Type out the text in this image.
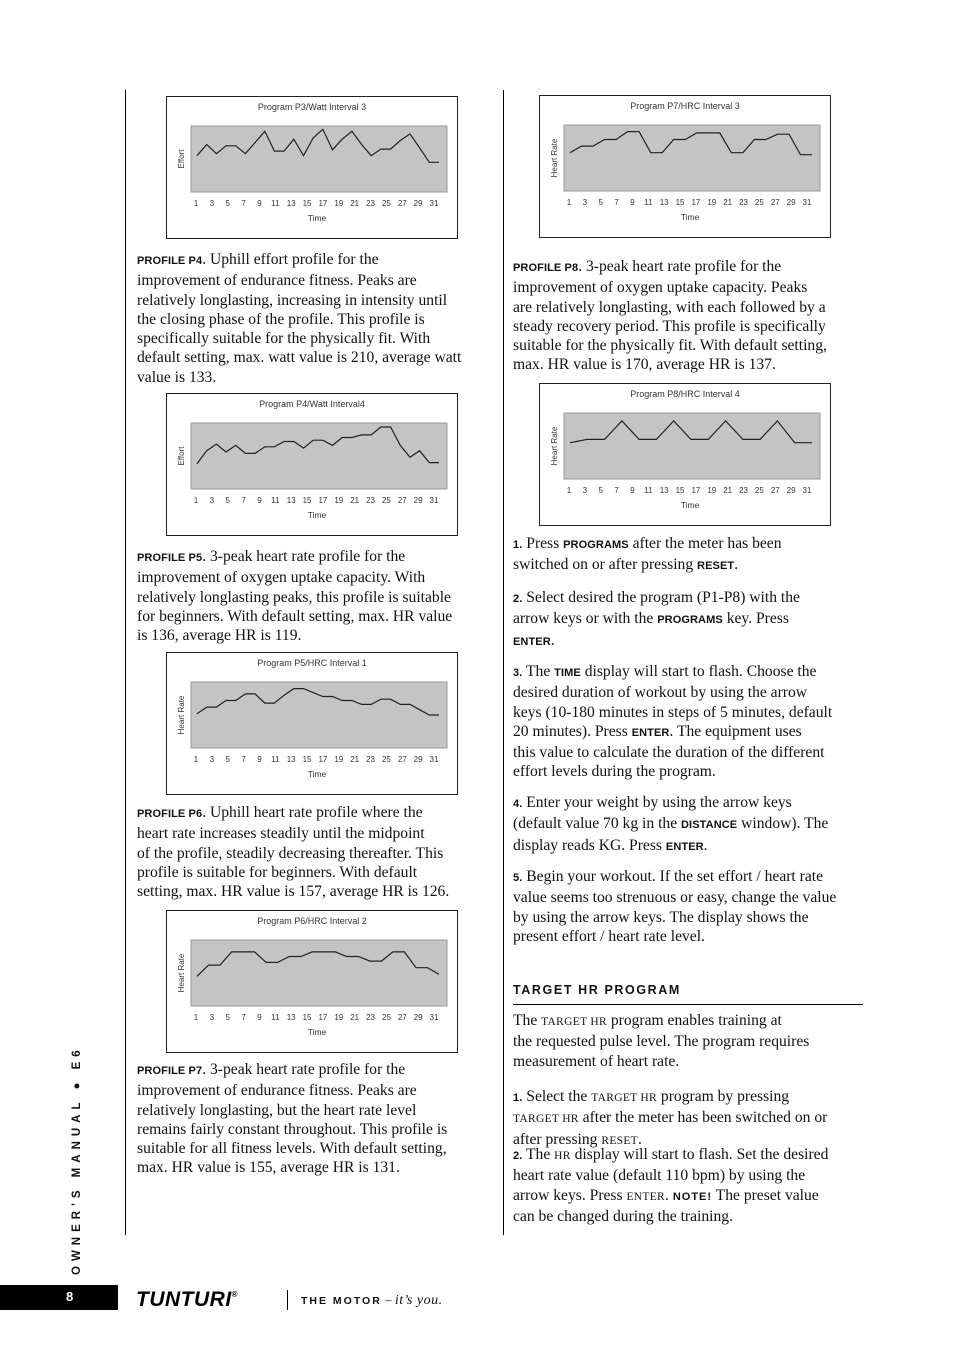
Program P3/Watt Interval 3
Effort
1 3 5 7 9 11 13 15 17 19 21 23 25 27 29 31
Time
Program P4/Watt Interval4
Effort
1 3 5 7 9 11 13 15 17 19 21 23 25 27 29 31
Time
Program P5/HRC Interval 1
Heart Rate
1 3 5 7 9 11 13 15 17 19 21 23 25 27 29 31
Time
Program P6/HRC Interval 2
Heart Rate
1 3 5 7 9 11 13 15 17 19 21 23 25 27 29 31
Time
Program P7/HRC Interval 3
Heart Rate
1 3 5 7 9 11 13 15 17 19 21 23 25 27 29 31
Time
Program P8/HRC Interval 4
Heart Rate
1 3 5 7 9 11 13 15 17 19 21 23 25 27 29 31
Time
PROFILE P4. Uphill effort profile for the
improvement of endurance fitness. Peaks are
relatively longlasting, increasing in intensity until
the closing phase of the profile. This profile is
specifically suitable for the physically fit. With
default setting, max. watt value is 210, average watt
value is 133.
PROFILE P5. 3-peak heart rate profile for the
improvement of oxygen uptake capacity. With
relatively longlasting peaks, this profile is suitable
for beginners. With default setting, max. HR value
is 136, average HR is 119.
PROFILE P6. Uphill heart rate profile where the
heart rate increases steadily until the midpoint
of the profile, steadily decreasing thereafter. This
profile is suitable for beginners. With default
setting, max. HR value is 157, average HR is 126.
PROFILE P7. 3-peak heart rate profile for the
improvement of endurance fitness. Peaks are
relatively longlasting, but the heart rate level
remains fairly constant throughout. This profile is
suitable for all fitness levels. With default setting,
max. HR value is 155, average HR is 131.
PROFILE P8. 3-peak heart rate profile for the
improvement of oxygen uptake capacity. Peaks
are relatively longlasting, with each followed by a
steady recovery period. This profile is specifically
suitable for the physically fit. With default setting,
max. HR value is 170, average HR is 137.
1. Press PROGRAMS after the meter has been
switched on or after pressing RESET.
2. Select desired the program (P1-P8) with the
arrow keys or with the PROGRAMS key. Press
ENTER.
3. The TIME display will start to flash. Choose the
desired duration of workout by using the arrow
keys (10-180 minutes in steps of 5 minutes, default
20 minutes). Press ENTER. The equipment uses
this value to calculate the duration of the different
effort levels during the program.
4. Enter your weight by using the arrow keys
(default value 70 kg in the DISTANCE window). The
display reads KG. Press ENTER.
5. Begin your workout. If the set effort / heart rate
value seems too strenuous or easy, change the value
by using the arrow keys. The display shows the
present effort / heart rate level.
TARGET HR PROGRAM
The TARGET HR program enables training at
the requested pulse level. The program requires
measurement of heart rate.
1. Select the TARGET HR program by pressing
TARGET HR after the meter has been switched on or
after pressing RESET.
2. The HR display will start to flash. Set the desired
heart rate value (default 110 bpm) by using the
arrow keys. Press ENTER. NOTE! The preset value
can be changed during the training.
OWNER'S MANUAL ● E6
8	TUNTURI®
THE MOTOR – it’s you.
